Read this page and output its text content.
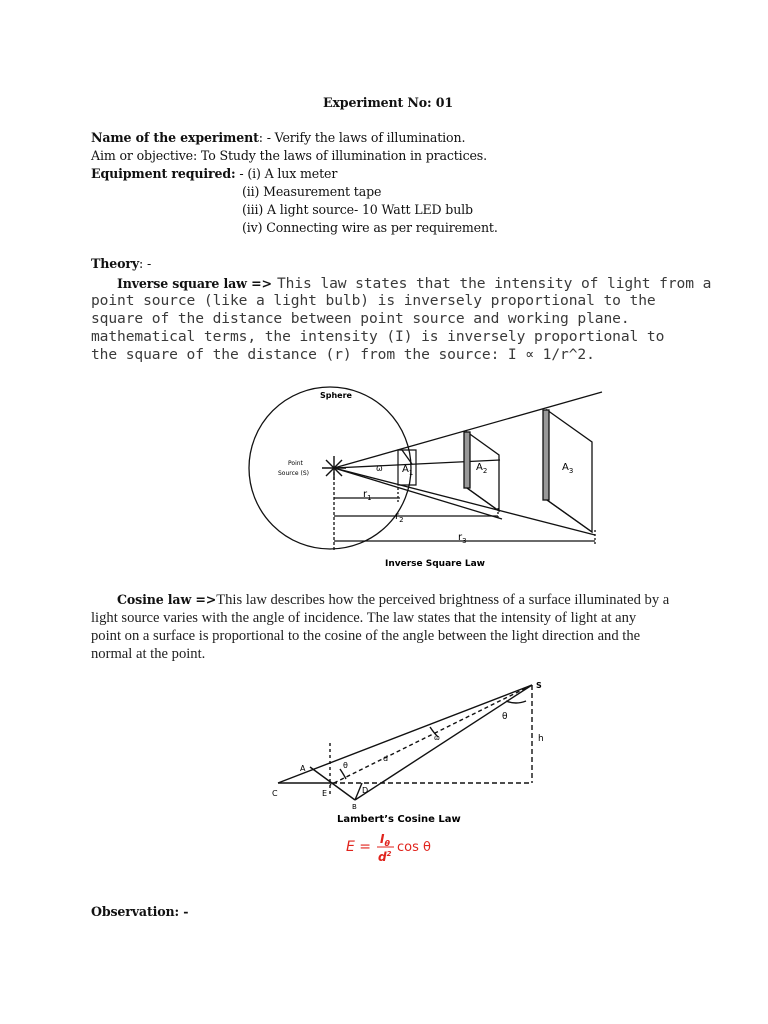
Experiment No: 01
Name of the experiment: - Verify the laws of illumination.
Aim or objective: To Study the laws of illumination in practices.
Equipment required: - (i) A lux meter
(ii) Measurement tape
(iii) A light source- 10 Watt LED bulb
(iv) Connecting wire as per requirement.
Theory: -
Inverse square law => This law states that the intensity of light from a
point source (like a light bulb) is inversely proportional to the
square of the distance between point source and working plane.
mathematical terms, the intensity (I) is inversely proportional to
the square of the distance (r) from the source: I ∝ 1/r^2.
Sphere
Point
Source (S)
ω $A_1$	$A_2$	$A_3$
$r_1$
$r_2$
$r_3$
Inverse Square Law
Cosine law =>This law describes how the perceived brightness of a surface illuminated by a
light source varies with the angle of incidence. The law states that the intensity of light at any
point on a surface is proportional to the cosine of the angle between the light direction and the
normal at the point.
S
h
θ
θ
ω
d
A
B
C	E	D
Lambert’s Cosine Law
$E = I_\theta$
$d^2$ cos θ
Observation: -
